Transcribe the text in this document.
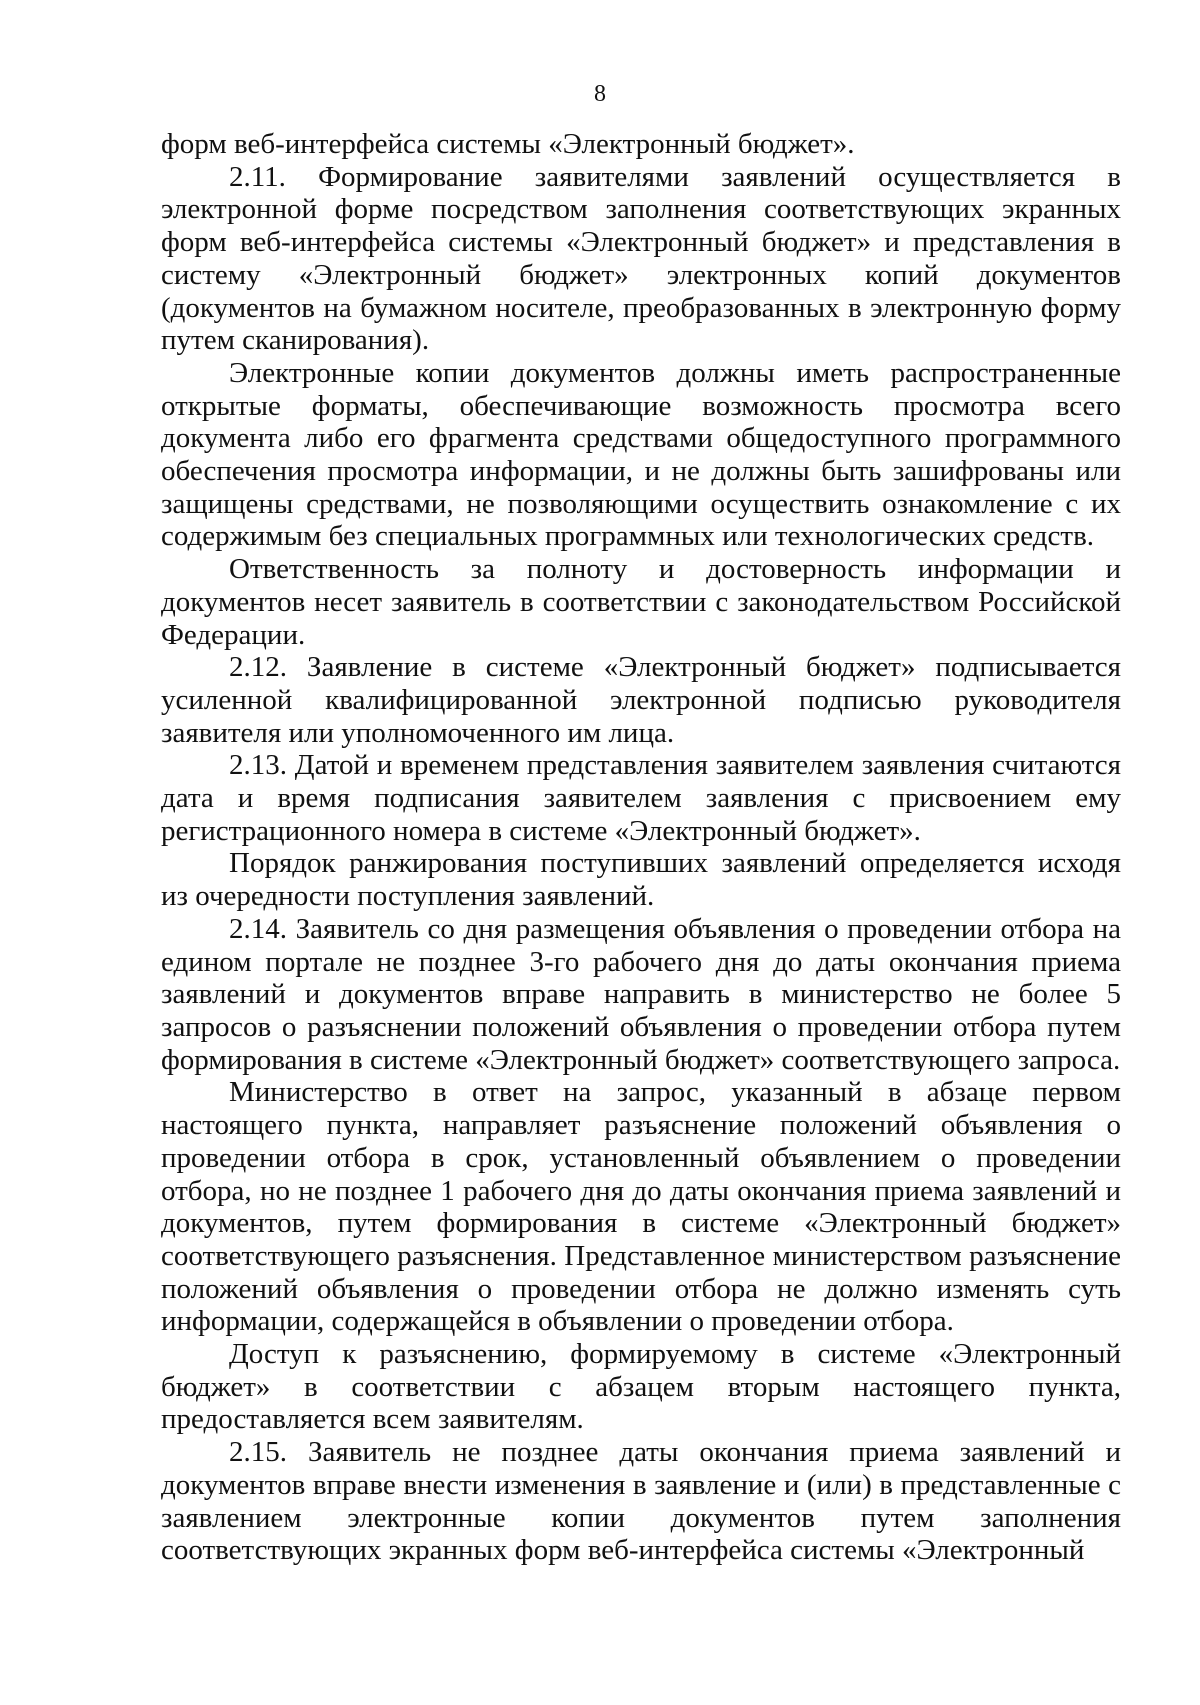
8

форм веб-интерфейса системы «Электронный бюджет».

2.11. Формирование заявителями заявлений осуществляется в электронной форме посредством заполнения соответствующих экранных форм веб-интерфейса системы «Электронный бюджет» и представления в систему «Электронный бюджет» электронных копий документов (документов на бумажном носителе, преобразованных в электронную форму путем сканирования).

Электронные копии документов должны иметь распространенные открытые форматы, обеспечивающие возможность просмотра всего документа либо его фрагмента средствами общедоступного программного обеспечения просмотра информации, и не должны быть зашифрованы или защищены средствами, не позволяющими осуществить ознакомление с их содержимым без специальных программных или технологических средств.

Ответственность за полноту и достоверность информации и документов несет заявитель в соответствии с законодательством Российской Федерации.

2.12. Заявление в системе «Электронный бюджет» подписывается усиленной квалифицированной электронной подписью руководителя заявителя или уполномоченного им лица.

2.13. Датой и временем представления заявителем заявления считаются дата и время подписания заявителем заявления с присвоением ему регистрационного номера в системе «Электронный бюджет».

Порядок ранжирования поступивших заявлений определяется исходя из очередности поступления заявлений.

2.14. Заявитель со дня размещения объявления о проведении отбора на едином портале не позднее 3-го рабочего дня до даты окончания приема заявлений и документов вправе направить в министерство не более 5 запросов о разъяснении положений объявления о проведении отбора путем формирования в системе «Электронный бюджет» соответствующего запроса.

Министерство в ответ на запрос, указанный в абзаце первом настоящего пункта, направляет разъяснение положений объявления о проведении отбора в срок, установленный объявлением о проведении отбора, но не позднее 1 рабочего дня до даты окончания приема заявлений и документов, путем формирования в системе «Электронный бюджет» соответствующего разъяснения. Представленное министерством разъяснение положений объявления о проведении отбора не должно изменять суть информации, содержащейся в объявлении о проведении отбора.

Доступ к разъяснению, формируемому в системе «Электронный бюджет» в соответствии с абзацем вторым настоящего пункта, предоставляется всем заявителям.

2.15. Заявитель не позднее даты окончания приема заявлений и документов вправе внести изменения в заявление и (или) в представленные с заявлением электронные копии документов путем заполнения соответствующих экранных форм веб-интерфейса системы «Электронный
